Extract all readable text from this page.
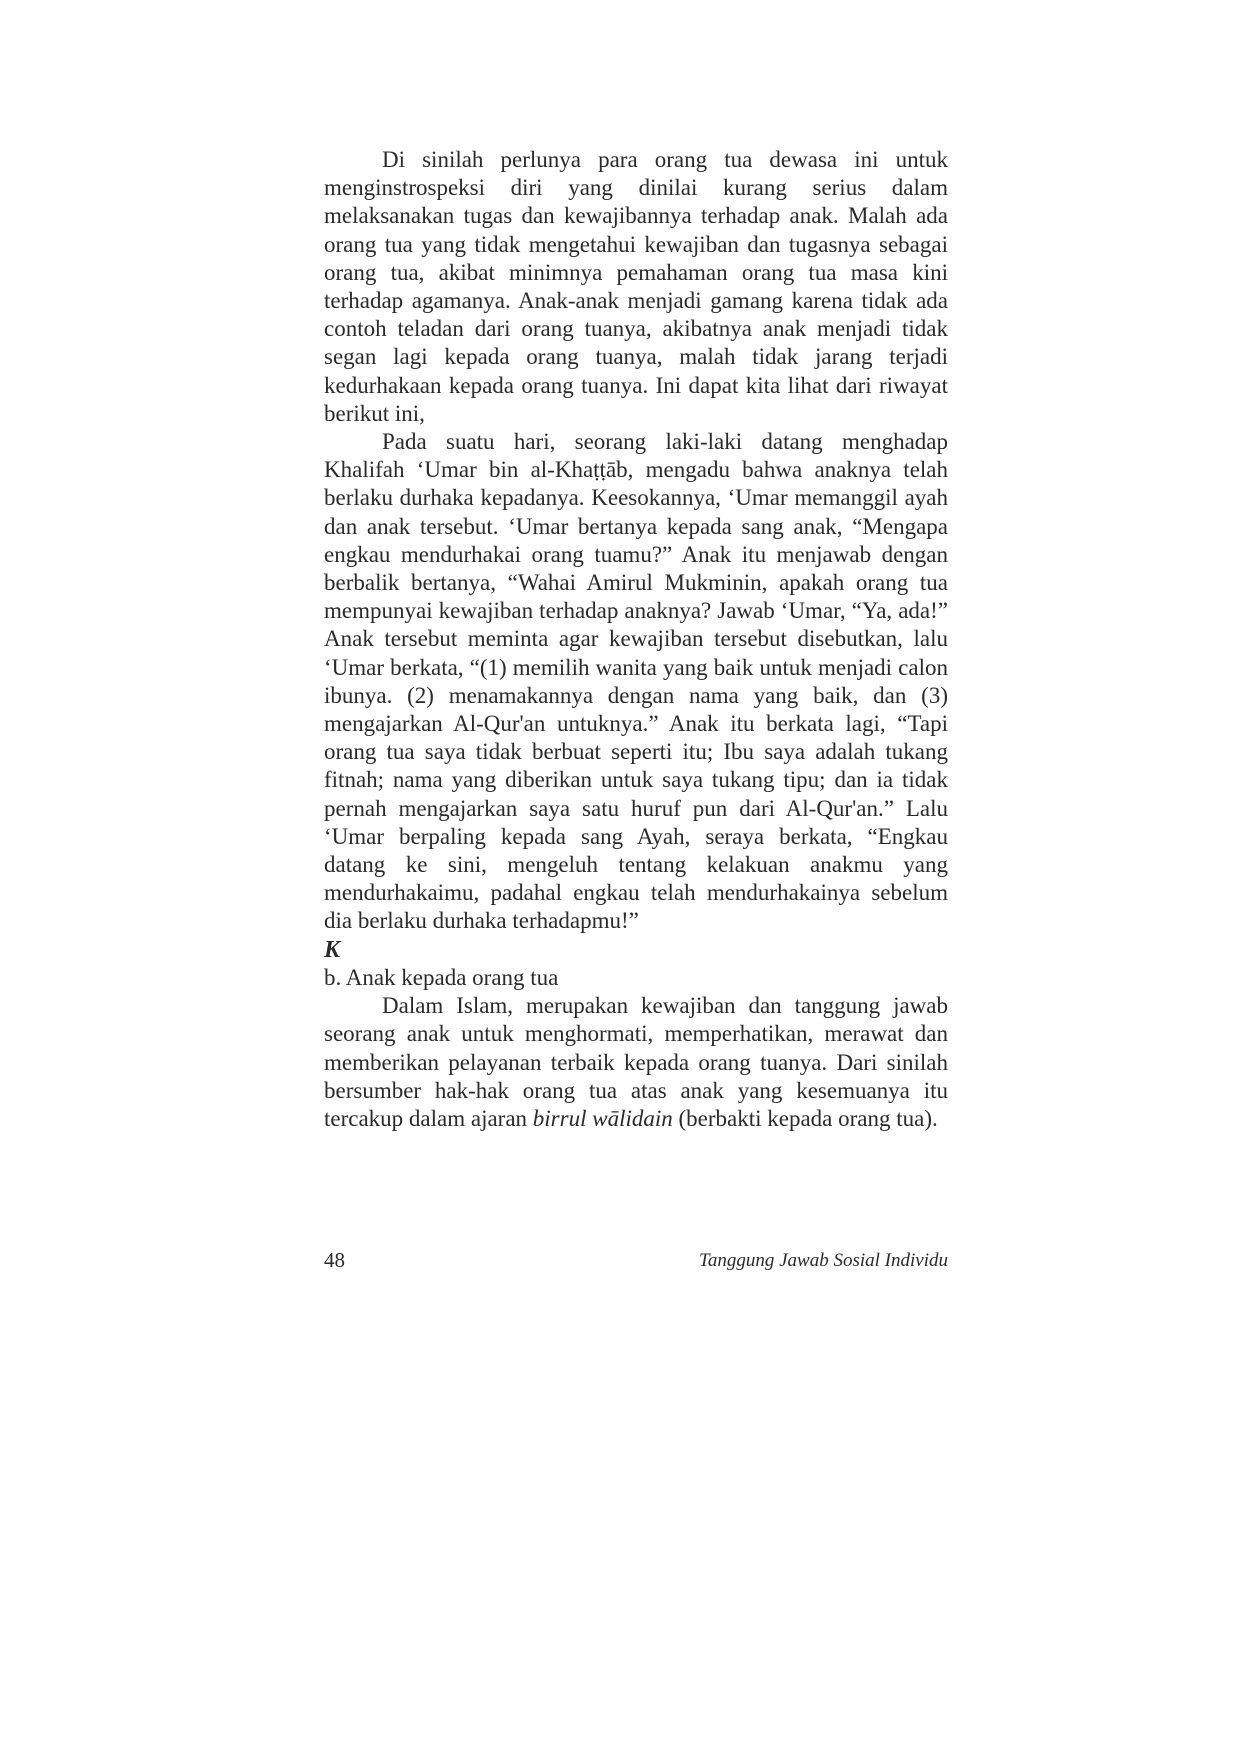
Di sinilah perlunya para orang tua dewasa ini untuk menginstrospeksi diri yang dinilai kurang serius dalam melaksanakan tugas dan kewajibannya terhadap anak. Malah ada orang tua yang tidak mengetahui kewajiban dan tugasnya sebagai orang tua, akibat minimnya pemahaman orang tua masa kini terhadap agamanya. Anak-anak menjadi gamang karena tidak ada contoh teladan dari orang tuanya, akibatnya anak menjadi tidak segan lagi kepada orang tuanya, malah tidak jarang terjadi kedurhakaan kepada orang tuanya. Ini dapat kita lihat dari riwayat berikut ini,

Pada suatu hari, seorang laki-laki datang menghadap Khalifah ‘Umar bin al-Khaṭṭāb, mengadu bahwa anaknya telah berlaku durhaka kepadanya. Keesokannya, ‘Umar memanggil ayah dan anak tersebut. ‘Umar bertanya kepada sang anak, “Mengapa engkau mendurhakai orang tuamu?” Anak itu menjawab dengan berbalik bertanya, “Wahai Amirul Mukminin, apakah orang tua mempunyai kewajiban terhadap anaknya? Jawab ‘Umar, “Ya, ada!” Anak tersebut meminta agar kewajiban tersebut disebutkan, lalu ‘Umar berkata, “(1) memilih wanita yang baik untuk menjadi calon ibunya. (2) menamakannya dengan nama yang baik, dan (3) mengajarkan Al-Qur'an untuknya.” Anak itu berkata lagi, “Tapi orang tua saya tidak berbuat seperti itu; Ibu saya adalah tukang fitnah; nama yang diberikan untuk saya tukang tipu; dan ia tidak pernah mengajarkan saya satu huruf pun dari Al-Qur'an.” Lalu ‘Umar berpaling kepada sang Ayah, seraya berkata, “Engkau datang ke sini, mengeluh tentang kelakuan anakmu yang mendurhakaimu, padahal engkau telah mendurhakainya sebelum dia berlaku durhaka terhadapmu!”

K

b. Anak kepada orang tua

Dalam Islam, merupakan kewajiban dan tanggung jawab seorang anak untuk menghormati, memperhatikan, merawat dan memberikan pelayanan terbaik kepada orang tuanya. Dari sinilah bersumber hak-hak orang tua atas anak yang kesemuanya itu tercakup dalam ajaran birrul wālidain (berbakti kepada orang tua).

48	Tanggung Jawab Sosial Individu
